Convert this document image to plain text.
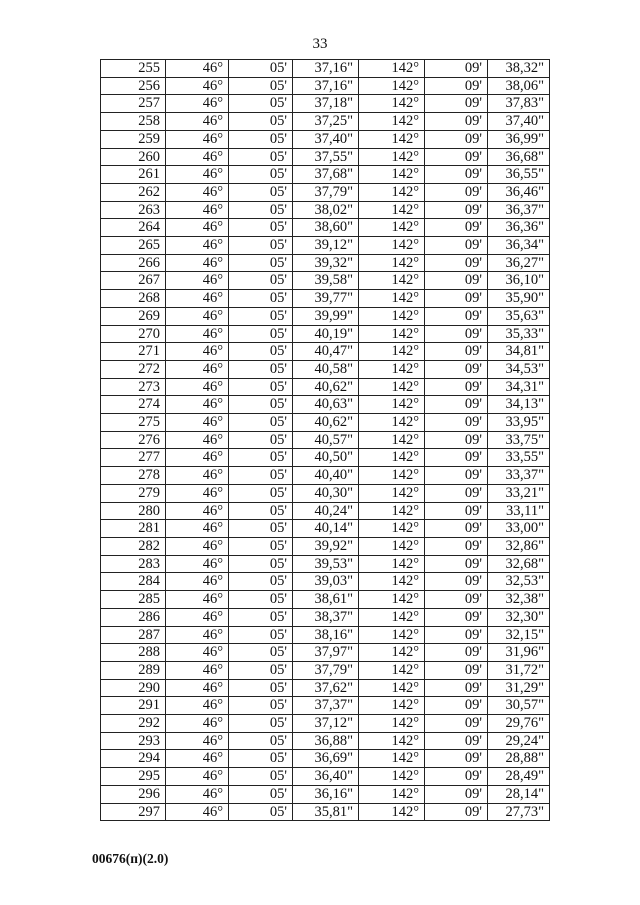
33
255	46°	05'	37,16"	142°	09'	38,32"
256	46°	05'	37,16"	142°	09'	38,06"
257	46°	05'	37,18"	142°	09'	37,83"
258	46°	05'	37,25"	142°	09'	37,40"
259	46°	05'	37,40"	142°	09'	36,99"
260	46°	05'	37,55"	142°	09'	36,68"
261	46°	05'	37,68"	142°	09'	36,55"
262	46°	05'	37,79"	142°	09'	36,46"
263	46°	05'	38,02"	142°	09'	36,37"
264	46°	05'	38,60"	142°	09'	36,36"
265	46°	05'	39,12"	142°	09'	36,34"
266	46°	05'	39,32"	142°	09'	36,27"
267	46°	05'	39,58"	142°	09'	36,10"
268	46°	05'	39,77"	142°	09'	35,90"
269	46°	05'	39,99"	142°	09'	35,63"
270	46°	05'	40,19"	142°	09'	35,33"
271	46°	05'	40,47"	142°	09'	34,81"
272	46°	05'	40,58"	142°	09'	34,53"
273	46°	05'	40,62"	142°	09'	34,31"
274	46°	05'	40,63"	142°	09'	34,13"
275	46°	05'	40,62"	142°	09'	33,95"
276	46°	05'	40,57"	142°	09'	33,75"
277	46°	05'	40,50"	142°	09'	33,55"
278	46°	05'	40,40"	142°	09'	33,37"
279	46°	05'	40,30"	142°	09'	33,21"
280	46°	05'	40,24"	142°	09'	33,11"
281	46°	05'	40,14"	142°	09'	33,00"
282	46°	05'	39,92"	142°	09'	32,86"
283	46°	05'	39,53"	142°	09'	32,68"
284	46°	05'	39,03"	142°	09'	32,53"
285	46°	05'	38,61"	142°	09'	32,38"
286	46°	05'	38,37"	142°	09'	32,30"
287	46°	05'	38,16"	142°	09'	32,15"
288	46°	05'	37,97"	142°	09'	31,96"
289	46°	05'	37,79"	142°	09'	31,72"
290	46°	05'	37,62"	142°	09'	31,29"
291	46°	05'	37,37"	142°	09'	30,57"
292	46°	05'	37,12"	142°	09'	29,76"
293	46°	05'	36,88"	142°	09'	29,24"
294	46°	05'	36,69"	142°	09'	28,88"
295	46°	05'	36,40"	142°	09'	28,49"
296	46°	05'	36,16"	142°	09'	28,14"
297	46°	05'	35,81"	142°	09'	27,73"
00676(п)(2.0)
